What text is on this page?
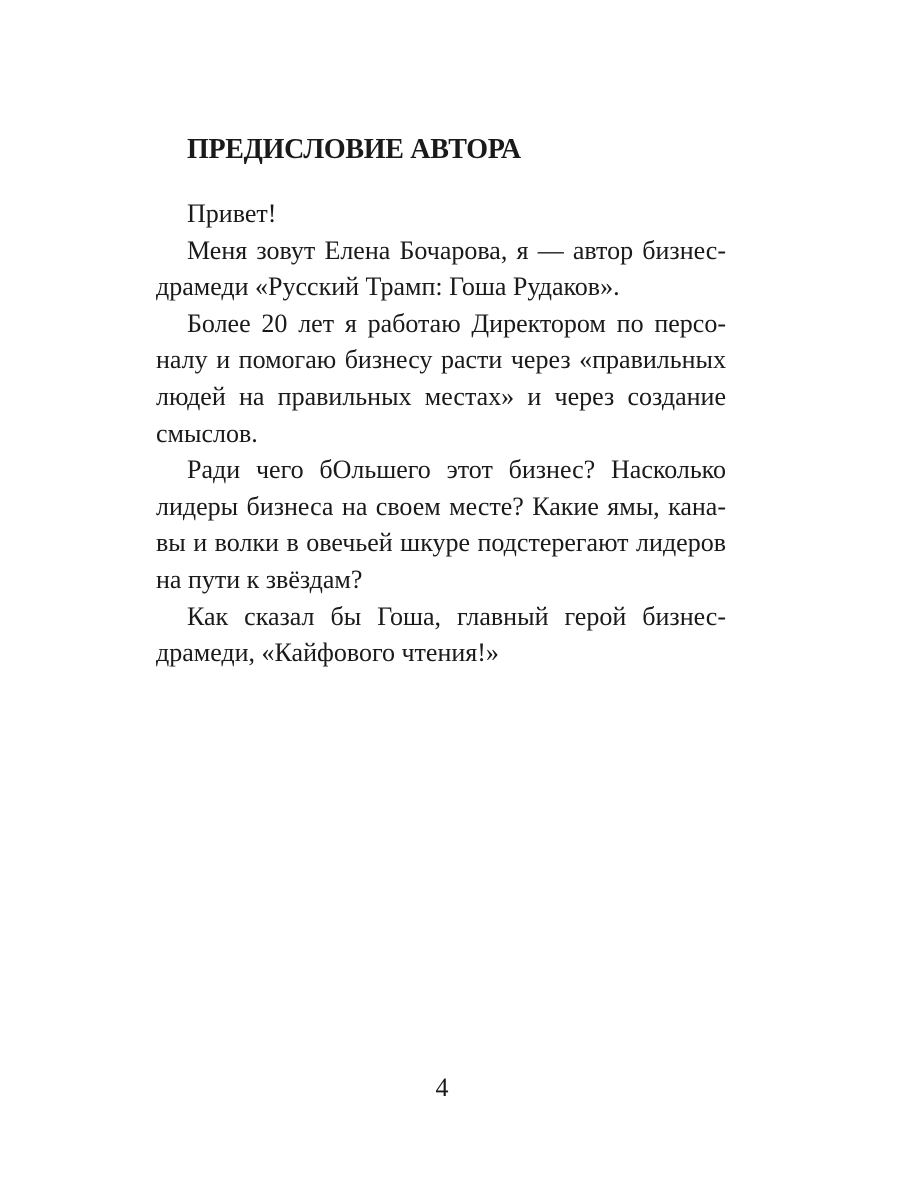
ПРЕДИСЛОВИЕ АВТОРА
Привет!
Меня зовут Елена Бочарова, я — автор бизнес-
драмеди «Русский Трамп: Гоша Рудаков».
Более 20 лет я работаю Директором по персо-
налу и помогаю бизнесу расти через «правильных
людей на правильных местах» и через создание
смыслов.
Ради чего бОльшего этот бизнес? Насколько
лидеры бизнеса на своем месте? Какие ямы, кана-
вы и волки в овечьей шкуре подстерегают лидеров
на пути к звёздам?
Как сказал бы Гоша, главный герой бизнес-
драмеди, «Кайфового чтения!»
4
